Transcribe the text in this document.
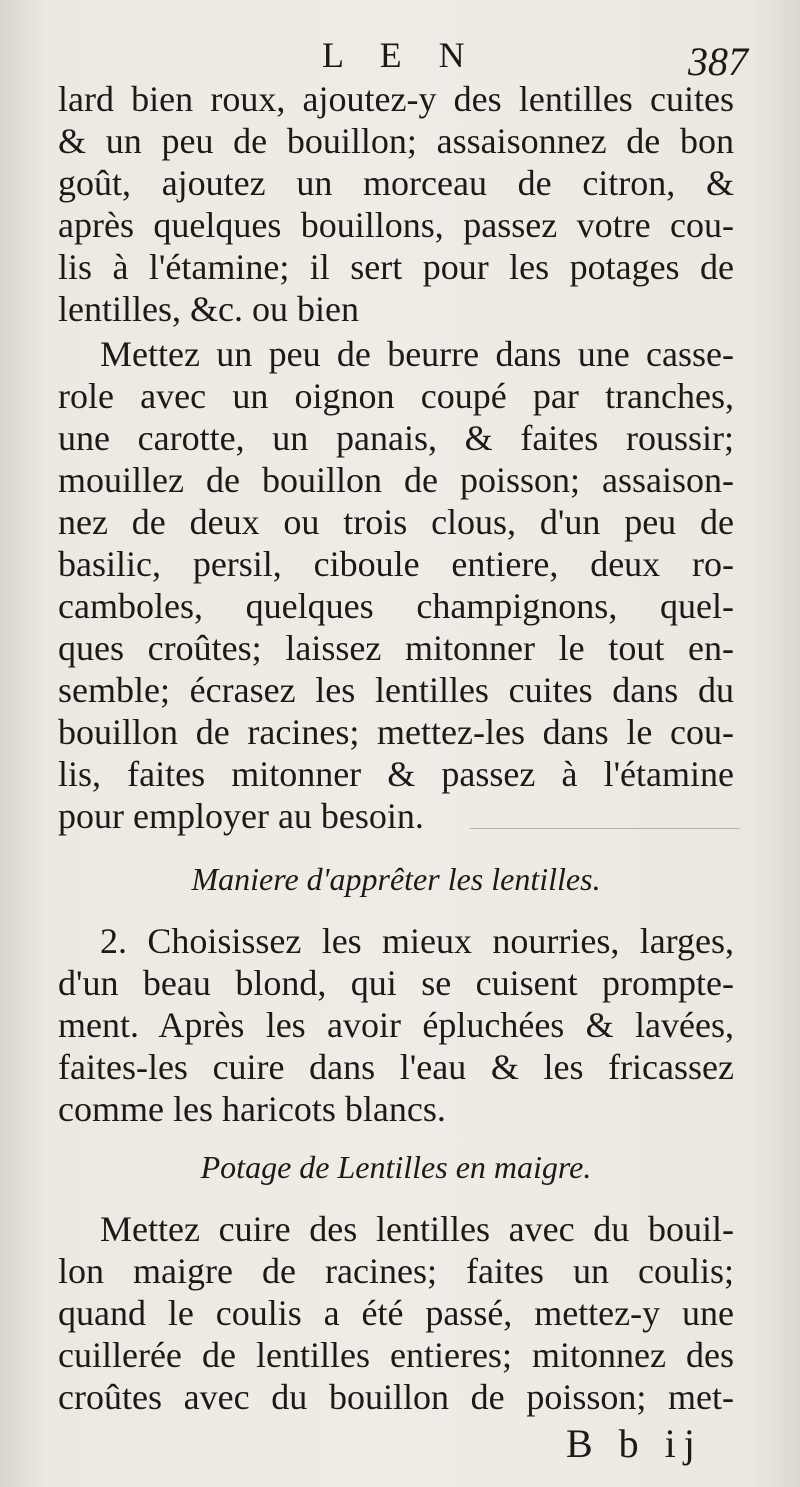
L E N	387
lard bien roux, ajoutez-y des lentilles cuites
& un peu de bouillon; assaisonnez de bon
goût, ajoutez un morceau de citron, &
après quelques bouillons, passez votre cou-
lis à l'étamine; il sert pour les potages de
lentilles, &c. ou bien
Mettez un peu de beurre dans une casse-
role avec un oignon coupé par tranches,
une carotte, un panais, & faites roussir;
mouillez de bouillon de poisson; assaison-
nez de deux ou trois clous, d'un peu de
basilic, persil, ciboule entiere, deux ro-
camboles, quelques champignons, quel-
ques croûtes; laissez mitonner le tout en-
semble; écrasez les lentilles cuites dans du
bouillon de racines; mettez-les dans le cou-
lis, faites mitonner & passez à l'étamine
pour employer au besoin.
Maniere d'apprêter les lentilles.
2. Choisissez les mieux nourries, larges,
d'un beau blond, qui se cuisent prompte-
ment. Après les avoir épluchées & lavées,
faites-les cuire dans l'eau & les fricassez
comme les haricots blancs.
Potage de Lentilles en maigre.
Mettez cuire des lentilles avec du bouil-
lon maigre de racines; faites un coulis;
quand le coulis a été passé, mettez-y une
cuillerée de lentilles entieres; mitonnez des
croûtes avec du bouillon de poisson; met-
B b ij
